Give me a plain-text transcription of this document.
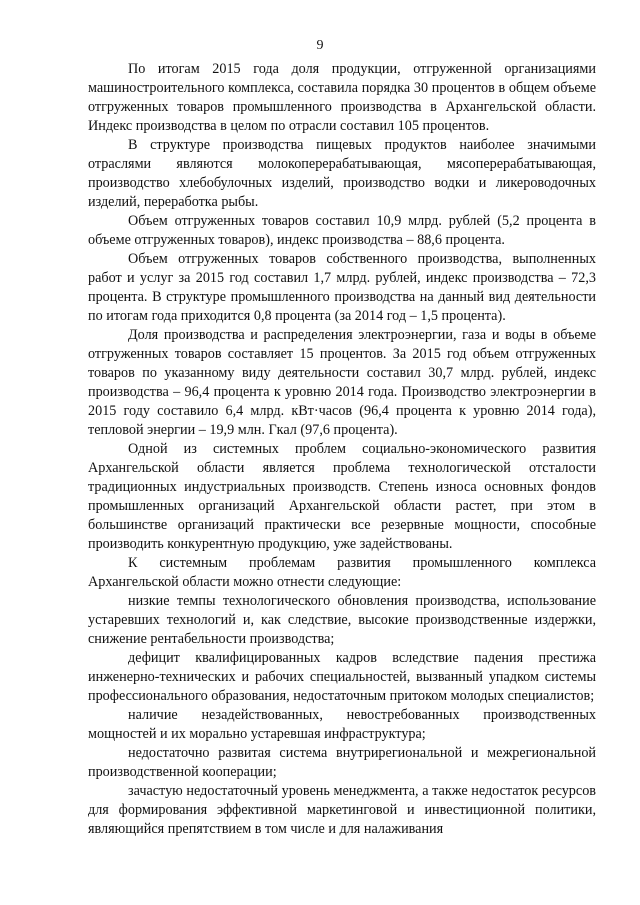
9

По итогам 2015 года доля продукции, отгруженной организациями машиностроительного комплекса, составила порядка 30 процентов в общем объеме отгруженных товаров промышленного производства в Архангельской области. Индекс производства в целом по отрасли составил 105 процентов.

В структуре производства пищевых продуктов наиболее значимыми отраслями являются молокоперерабатывающая, мясоперерабатывающая, производство хлебобулочных изделий, производство водки и ликероводочных изделий, переработка рыбы.

Объем отгруженных товаров составил 10,9 млрд. рублей (5,2 процента в объеме отгруженных товаров), индекс производства – 88,6 процента.

Объем отгруженных товаров собственного производства, выполненных работ и услуг за 2015 год составил 1,7 млрд. рублей, индекс производства – 72,3 процента. В структуре промышленного производства на данный вид деятельности по итогам года приходится 0,8 процента (за 2014 год – 1,5 процента).

Доля производства и распределения электроэнергии, газа и воды в объеме отгруженных товаров составляет 15 процентов. За 2015 год объем отгруженных товаров по указанному виду деятельности составил 30,7 млрд. рублей, индекс производства – 96,4 процента к уровню 2014 года. Производство электроэнергии в 2015 году составило 6,4 млрд. кВт·часов (96,4 процента к уровню 2014 года), тепловой энергии – 19,9 млн. Гкал (97,6 процента).

Одной из системных проблем социально-экономического развития Архангельской области является проблема технологической отсталости традиционных индустриальных производств. Степень износа основных фондов промышленных организаций Архангельской области растет, при этом в большинстве организаций практически все резервные мощности, способные производить конкурентную продукцию, уже задействованы.

К системным проблемам развития промышленного комплекса Архангельской области можно отнести следующие:

низкие темпы технологического обновления производства, использование устаревших технологий и, как следствие, высокие производственные издержки, снижение рентабельности производства;

дефицит квалифицированных кадров вследствие падения престижа инженерно-технических и рабочих специальностей, вызванный упадком системы профессионального образования, недостаточным притоком молодых специалистов;

наличие незадействованных, невостребованных производственных мощностей и их морально устаревшая инфраструктура;

недостаточно развитая система внутрирегиональной и межрегиональной производственной кооперации;

зачастую недостаточный уровень менеджмента, а также недостаток ресурсов для формирования эффективной маркетинговой и инвестиционной политики, являющийся препятствием в том числе и для налаживания
